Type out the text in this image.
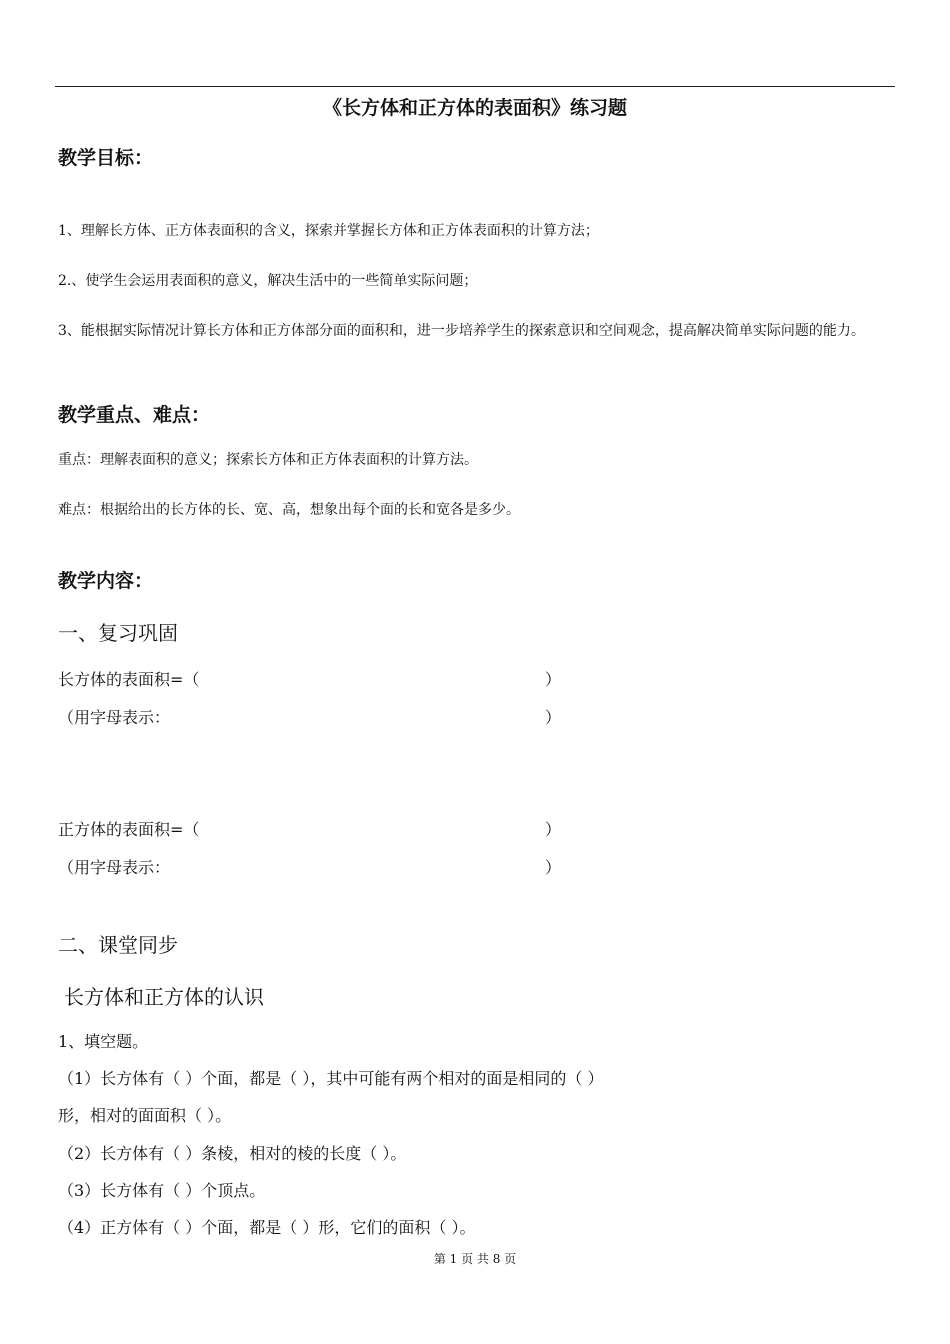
《长方体和正方体的表面积》练习题
教学目标：
1、理解长方体、正方体表面积的含义，探索并掌握长方体和正方体表面积的计算方法；
2.、使学生会运用表面积的意义，解决生活中的一些简单实际问题；
3、能根据实际情况计算长方体和正方体部分面的面积和，进一步培养学生的探索意识和空间观念，提高解决简单实际问题的能力。
教学重点、难点：
重点：理解表面积的意义；探索长方体和正方体表面积的计算方法。
难点：根据给出的长方体的长、宽、高，想象出每个面的长和宽各是多少。
教学内容：
一、复习巩固
长方体的表面积=（	）
（用字母表示：	）
正方体的表面积=（	）
（用字母表示：	）
二、课堂同步
长方体和正方体的认识
1、填空题。
（1）长方体有（ ）个面，都是（ ），其中可能有两个相对的面是相同的（ ）
形，相对的面面积（ ）。
（2）长方体有（ ）条棱，相对的棱的长度（ ）。
（3）长方体有（ ）个顶点。
（4）正方体有（ ）个面，都是（ ）形，它们的面积（ ）。
第 1 页 共 8 页
